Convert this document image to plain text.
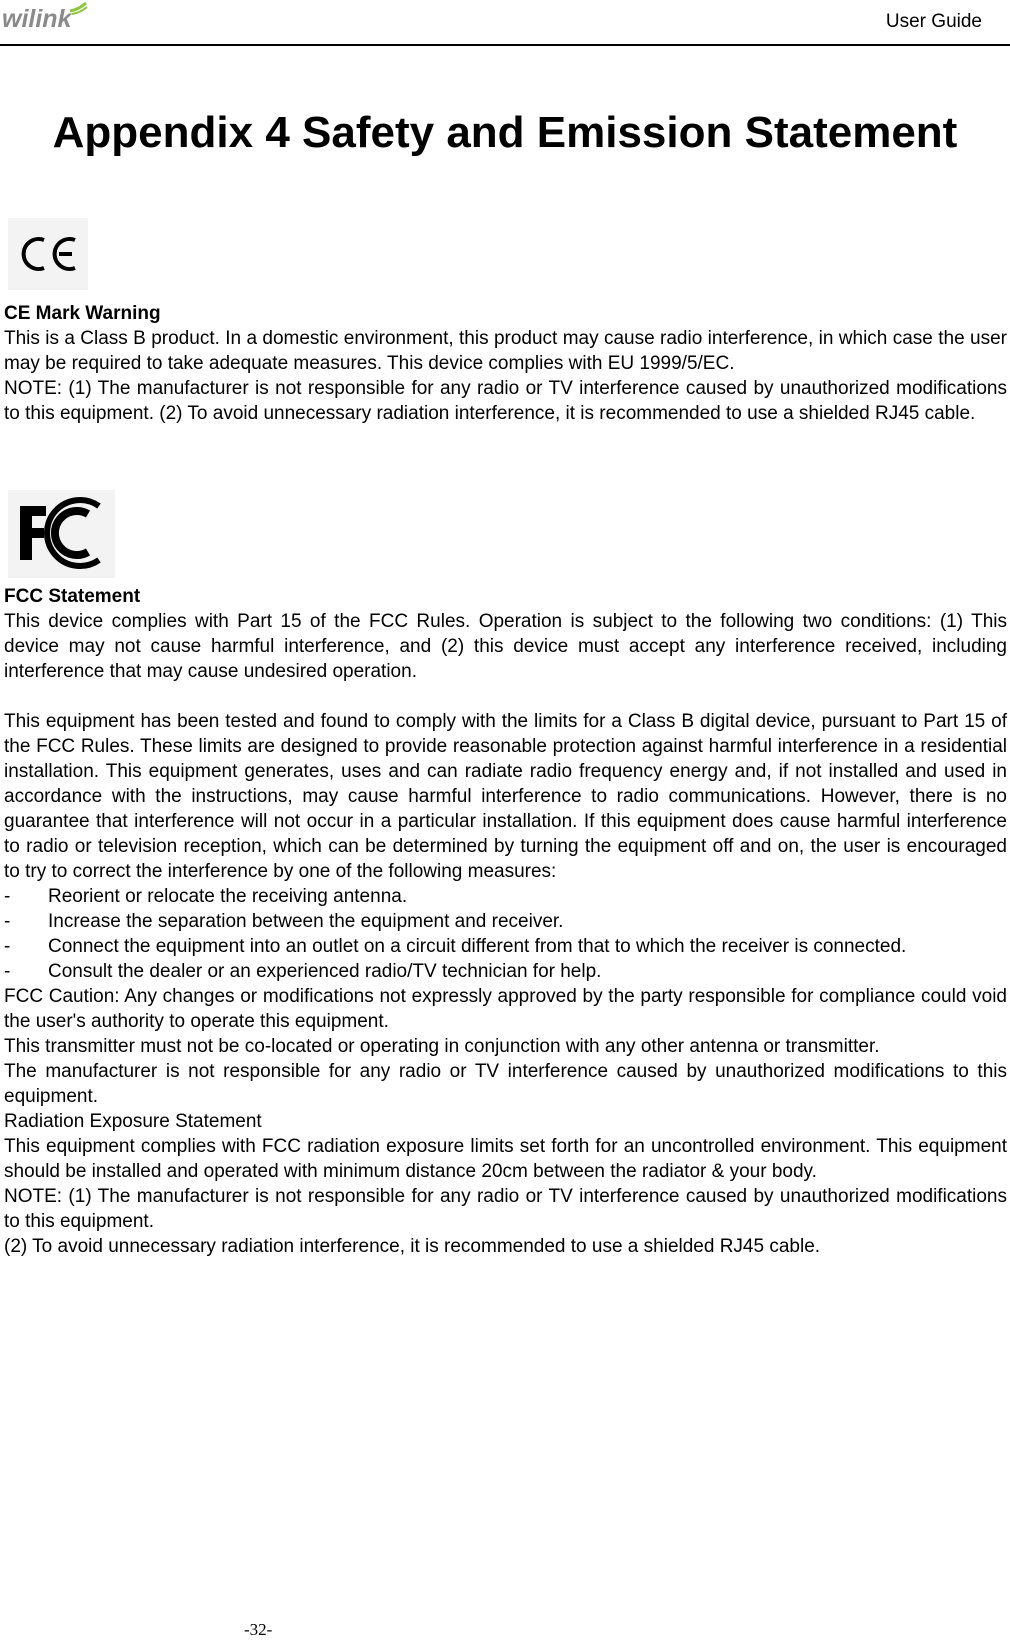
wilink	User Guide
Appendix 4 Safety and Emission Statement
CE Mark Warning

This is a Class B product. In a domestic environment, this product may cause radio interference, in which case the user may be required to take adequate measures. This device complies with EU 1999/5/EC.

NOTE: (1) The manufacturer is not responsible for any radio or TV interference caused by unauthorized modifications to this equipment. (2) To avoid unnecessary radiation interference, it is recommended to use a shielded RJ45 cable.

FCC Statement

This device complies with Part 15 of the FCC Rules. Operation is subject to the following two conditions: (1) This device may not cause harmful interference, and (2) this device must accept any interference received, including interference that may cause undesired operation.

This equipment has been tested and found to comply with the limits for a Class B digital device, pursuant to Part 15 of the FCC Rules. These limits are designed to provide reasonable protection against harmful interference in a residential installation. This equipment generates, uses and can radiate radio frequency energy and, if not installed and used in accordance with the instructions, may cause harmful interference to radio communications. However, there is no guarantee that interference will not occur in a particular installation. If this equipment does cause harmful interference to radio or television reception, which can be determined by turning the equipment off and on, the user is encouraged to try to correct the interference by one of the following measures:

-	Reorient or relocate the receiving antenna.
-	Increase the separation between the equipment and receiver.
-	Connect the equipment into an outlet on a circuit different from that to which the receiver is connected.
-	Consult the dealer or an experienced radio/TV technician for help.

FCC Caution: Any changes or modifications not expressly approved by the party responsible for compliance could void the user's authority to operate this equipment.

This transmitter must not be co-located or operating in conjunction with any other antenna or transmitter.

The manufacturer is not responsible for any radio or TV interference caused by unauthorized modifications to this equipment.

Radiation Exposure Statement

This equipment complies with FCC radiation exposure limits set forth for an uncontrolled environment. This equipment should be installed and operated with minimum distance 20cm between the radiator & your body.

NOTE: (1) The manufacturer is not responsible for any radio or TV interference caused by unauthorized modifications to this equipment.

(2) To avoid unnecessary radiation interference, it is recommended to use a shielded RJ45 cable.

-32-
